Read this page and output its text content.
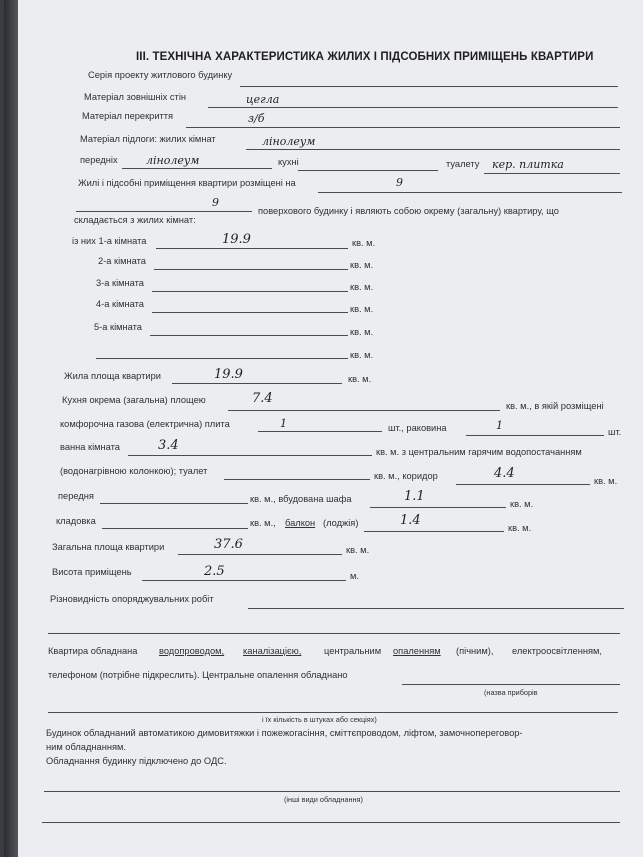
III. ТЕХНІЧНА ХАРАКТЕРИСТИКА ЖИЛИХ І ПІДСОБНИХ ПРИМІЩЕНЬ КВАРТИРИ
Серія проекту житлового будинку
Матеріал зовнішніх стін	цегла
Матеріал перекриття	з/б
Матеріал підлоги: жилих кімнат	лінолеум
передніх	лінолеум	кухні	туалету кер. плитка
Жилі і підсобні приміщення квартири розміщені на	9
9
поверхового будинку і являють собою окрему (загальну) квартиру, що
складається з жилих кімнат:
із них 1-а кімната	19.9	кв. м.
2-а кімната	кв. м.
3-а кімната	кв. м.
4-а кімната	кв. м.
5-а кімната	кв. м.
кв. м.
Жила площа квартири	19.9	кв. м.
Кухня окрема (загальна) площею	7.4	кв. м., в якій розміщені
комфорочна газова (електрична) плита	1	шт., раковина	1	шт.
ванна кімната	3.4	кв. м. з центральним гарячим водопостачанням
(водонагрівною колонкою); туалет	кв. м., коридор	4.4	кв. м.
передня	кв. м., вбудована шафа	1.1	кв. м.
кладовка	кв. м., балкон (лоджія)	1.4	кв. м.
Загальна площа квартири	37.6	кв. м.
Висота приміщень	2.5	м.
Різновидність опоряджувальних робіт
Квартира обладнана водопроводом, каналізацією, центральним опаленням (пічним), електроосвітленням,
телефоном (потрібне підкреслить). Центральне опалення обладнано
(назва приборів
і їх кількість в штуках або секціях)
Будинок обладнаний автоматикою димовитяжки і пожежогасіння, сміттєпроводом, ліфтом, замочнопереговор-
ним обладнанням.
Обладнання будинку підключено до ОДС.
(інші види обладнання)
